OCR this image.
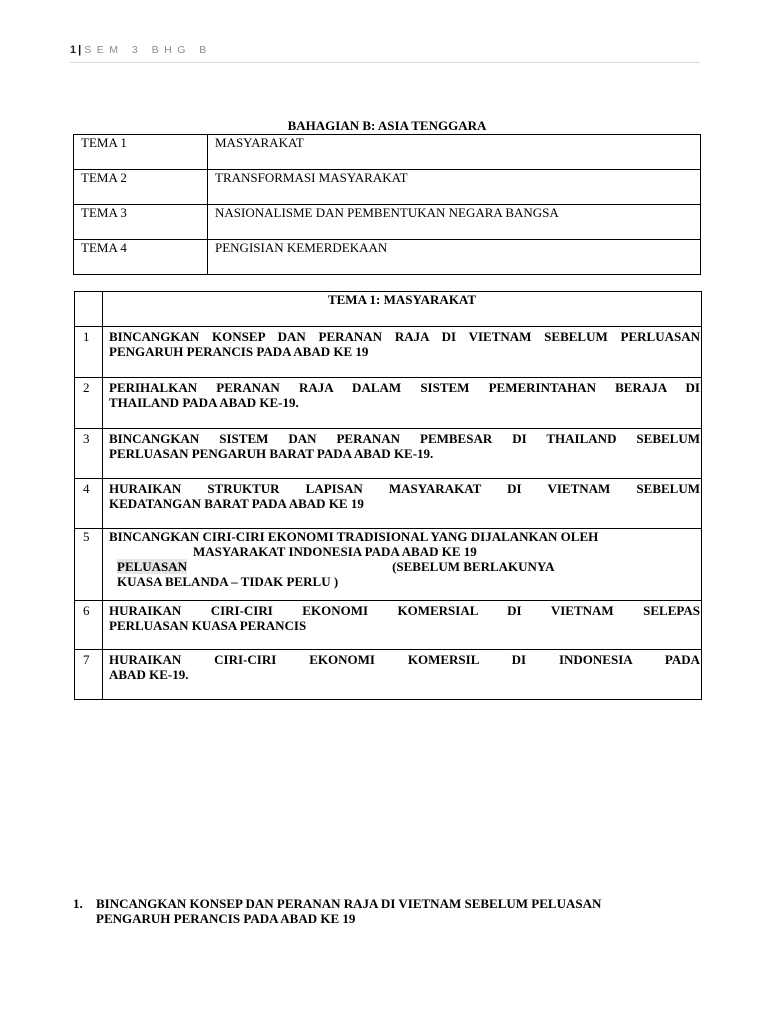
1 | SEM 3 BHG B
BAHAGIAN B: ASIA TENGGARA
TEMA 1	MASYARAKAT
TEMA 2	TRANSFORMASI MASYARAKAT
TEMA 3	NASIONALISME DAN PEMBENTUKAN NEGARA BANGSA
TEMA 4	PENGISIAN KEMERDEKAAN
	TEMA 1: MASYARAKAT
1	BINCANGKAN KONSEP DAN PERANAN RAJA DI VIETNAM SEBELUM PERLUASAN
PENGARUH PERANCIS PADA ABAD KE 19

2	PERIHALKAN PERANAN RAJA DALAM SISTEM PEMERINTAHAN BERAJA DI
THAILAND PADA ABAD KE-19.

3	BINCANGKAN SISTEM DAN PERANAN PEMBESAR DI THAILAND SEBELUM
PERLUASAN PENGARUH BARAT PADA ABAD KE-19.

4	HURAIKAN STRUKTUR LAPISAN MASYARAKAT DI VIETNAM SEBELUM
KEDATANGAN BARAT PADA ABAD KE 19

5	BINCANGKAN CIRI-CIRI EKONOMI TRADISIONAL YANG DIJALANKAN OLEH
MASYARAKAT INDONESIA PADA ABAD KE 19
PELUASAN (SEBELUM BERLAKUNYA
KUASA BELANDA – TIDAK PERLU )

6	HURAIKAN CIRI-CIRI EKONOMI KOMERSIAL DI VIETNAM SELEPAS
PERLUASAN KUASA PERANCIS

7	HURAIKAN CIRI-CIRI EKONOMI KOMERSIL DI INDONESIA PADA
ABAD KE-19.
1. BINCANGKAN KONSEP DAN PERANAN RAJA DI VIETNAM SEBELUM PELUASAN
PENGARUH PERANCIS PADA ABAD KE 19
